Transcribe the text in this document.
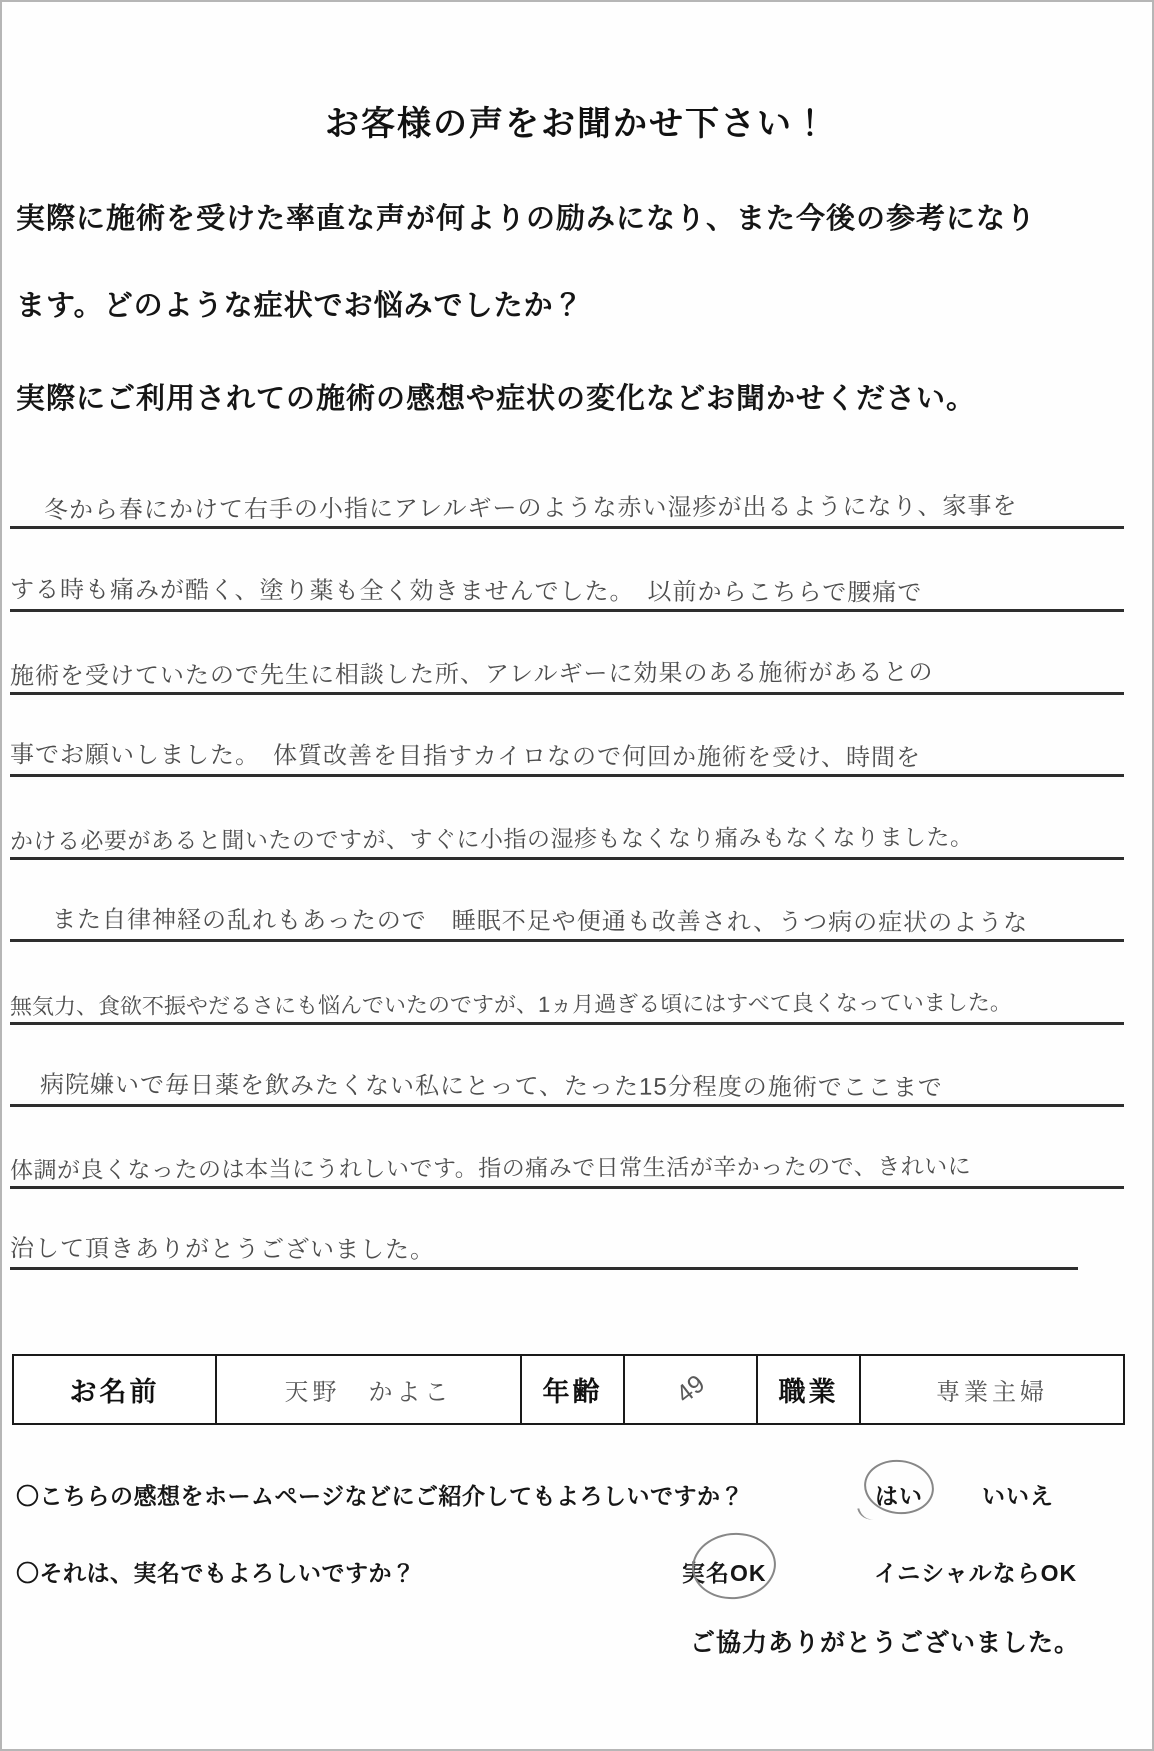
お客様の声をお聞かせ下さい！
実際に施術を受けた率直な声が何よりの励みになり、また今後の参考になり
ます。どのような症状でお悩みでしたか？
実際にご利用されての施術の感想や症状の変化などお聞かせください。
冬から春にかけて右手の小指にアレルギーのような赤い湿疹が出るようになり、家事を
する時も痛みが酷く、塗り薬も全く効きませんでした。　以前からこちらで腰痛で
施術を受けていたので先生に相談した所、アレルギーに効果のある施術があるとの
事でお願いしました。　体質改善を目指すカイロなので何回か施術を受け、時間を
かける必要があると聞いたのですが、すぐに小指の湿疹もなくなり痛みもなくなりました。
また自律神経の乱れもあったので　睡眠不足や便通も改善され、うつ病の症状のような
無気力、食欲不振やだるさにも悩んでいたのですが、1ヵ月過ぎる頃にはすべて良くなっていました。
病院嫌いで毎日薬を飲みたくない私にとって、たった15分程度の施術でここまで
体調が良くなったのは本当にうれしいです。指の痛みで日常生活が辛かったので、きれいに
治して頂きありがとうございました。
お名前	天野　かよこ	年齢	49	職業	専業主婦
〇こちらの感想をホームページなどにご紹介してもよろしいですか？	はい	いいえ
〇それは、実名でもよろしいですか？	実名OK	イニシャルならOK
ご協力ありがとうございました。
